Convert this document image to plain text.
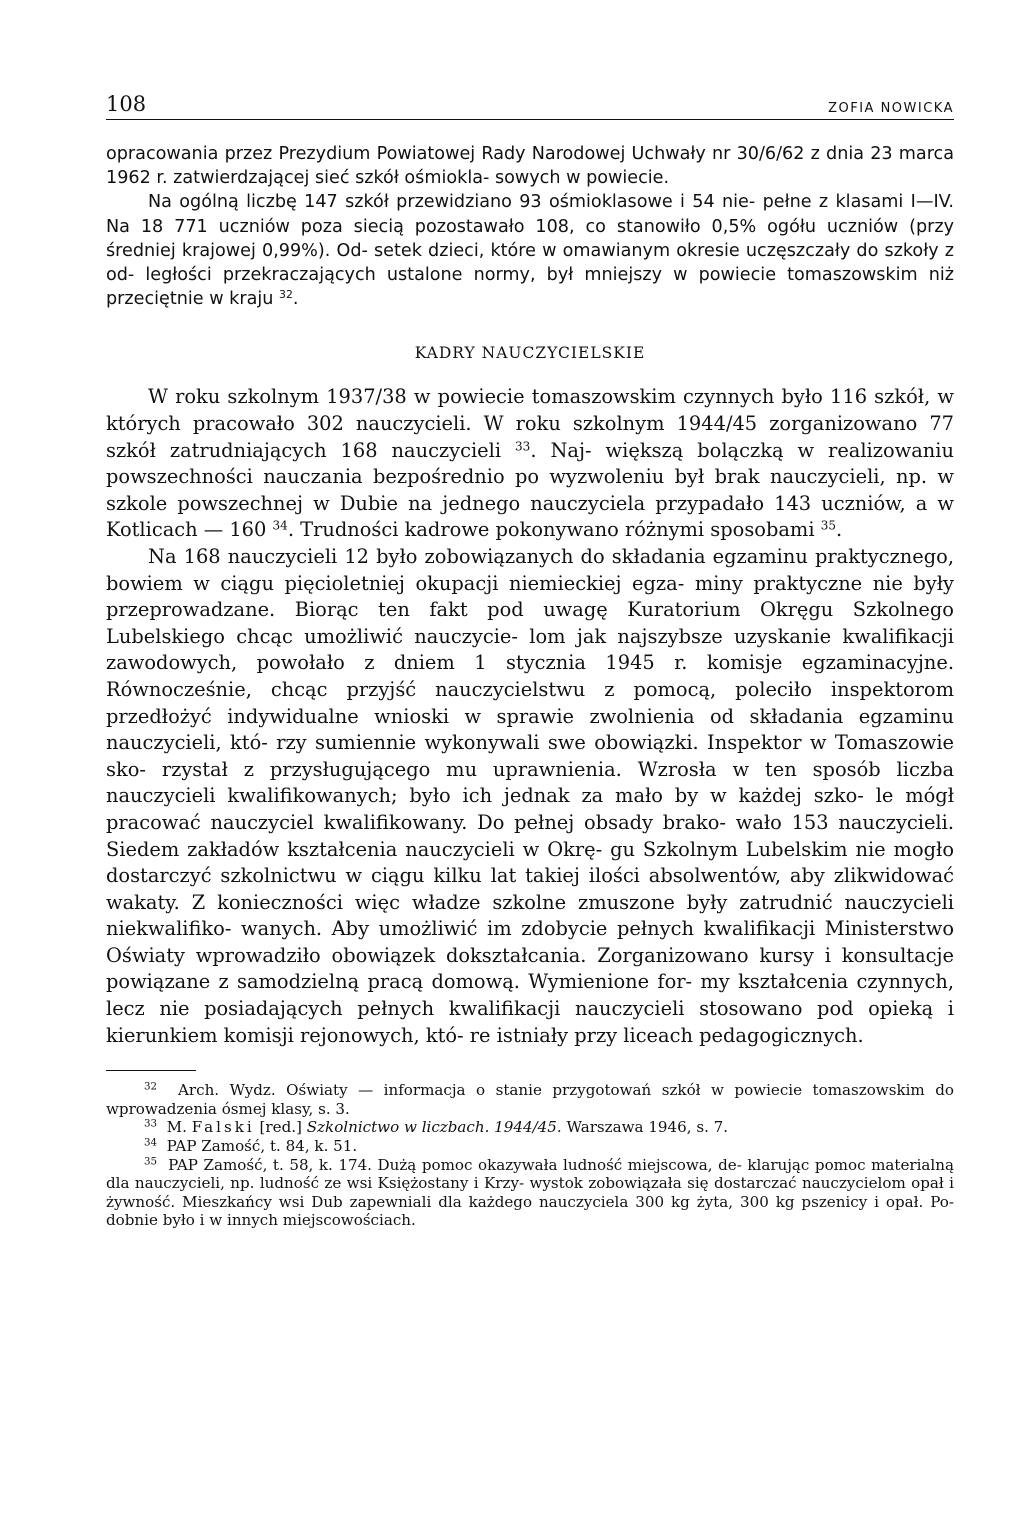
108	ZOFIA NOWICKA

opracowania przez Prezydium Powiatowej Rady Narodowej Uchwały nr 30/6/62 z dnia 23 marca 1962 r. zatwierdzającej sieć szkół ośmiokla- sowych w powiecie.

Na ogólną liczbę 147 szkół przewidziano 93 ośmioklasowe i 54 nie- pełne z klasami I—IV. Na 18 771 uczniów poza siecią pozostawało 108, co stanowiło 0,5% ogółu uczniów (przy średniej krajowej 0,99%). Od- setek dzieci, które w omawianym okresie uczęszczały do szkoły z od- ległości przekraczających ustalone normy, był mniejszy w powiecie tomaszowskim niż przeciętnie w kraju $^{32}$.

KADRY NAUCZYCIELSKIE

W roku szkolnym 1937/38 w powiecie tomaszowskim czynnych było 116 szkół, w których pracowało 302 nauczycieli. W roku szkolnym 1944/45 zorganizowano 77 szkół zatrudniających 168 nauczycieli $^{33}$. Naj- większą bolączką w realizowaniu powszechności nauczania bezpośrednio po wyzwoleniu był brak nauczycieli, np. w szkole powszechnej w Dubie na jednego nauczyciela przypadało 143 uczniów, a w Kotlicach — 160 $^{34}$. Trudności kadrowe pokonywano różnymi sposobami $^{35}$.

Na 168 nauczycieli 12 było zobowiązanych do składania egzaminu praktycznego, bowiem w ciągu pięcioletniej okupacji niemieckiej egza- miny praktyczne nie były przeprowadzane. Biorąc ten fakt pod uwagę Kuratorium Okręgu Szkolnego Lubelskiego chcąc umożliwić nauczycie- lom jak najszybsze uzyskanie kwalifikacji zawodowych, powołało z dniem 1 stycznia 1945 r. komisje egzaminacyjne. Równocześnie, chcąc przyjść nauczycielstwu z pomocą, poleciło inspektorom przedłożyć indywidualne wnioski w sprawie zwolnienia od składania egzaminu nauczycieli, któ- rzy sumiennie wykonywali swe obowiązki. Inspektor w Tomaszowie sko- rzystał z przysługującego mu uprawnienia. Wzrosła w ten sposób liczba nauczycieli kwalifikowanych; było ich jednak za mało by w każdej szko- le mógł pracować nauczyciel kwalifikowany. Do pełnej obsady brako- wało 153 nauczycieli. Siedem zakładów kształcenia nauczycieli w Okrę- gu Szkolnym Lubelskim nie mogło dostarczyć szkolnictwu w ciągu kilku lat takiej ilości absolwentów, aby zlikwidować wakaty. Z konieczności więc władze szkolne zmuszone były zatrudnić nauczycieli niekwalifiko- wanych. Aby umożliwić im zdobycie pełnych kwalifikacji Ministerstwo Oświaty wprowadziło obowiązek dokształcania. Zorganizowano kursy i konsultacje powiązane z samodzielną pracą domową. Wymienione for- my kształcenia czynnych, lecz nie posiadających pełnych kwalifikacji nauczycieli stosowano pod opieką i kierunkiem komisji rejonowych, któ- re istniały przy liceach pedagogicznych.

$^{32}$ Arch. Wydz. Oświaty — informacja o stanie przygotowań szkół w powiecie tomaszowskim do wprowadzenia ósmej klasy, s. 3.

$^{33}$ M. Falski [red.] Szkolnictwo w liczbach. 1944/45. Warszawa 1946, s. 7.

$^{34}$ PAP Zamość, t. 84, k. 51.

$^{35}$ PAP Zamość, t. 58, k. 174. Dużą pomoc okazywała ludność miejscowa, de- klarując pomoc materialną dla nauczycieli, np. ludność ze wsi Księżostany i Krzy- wystok zobowiązała się dostarczać nauczycielom opał i żywność. Mieszkańcy wsi Dub zapewniali dla każdego nauczyciela 300 kg żyta, 300 kg pszenicy i opał. Po- dobnie było i w innych miejscowościach.
